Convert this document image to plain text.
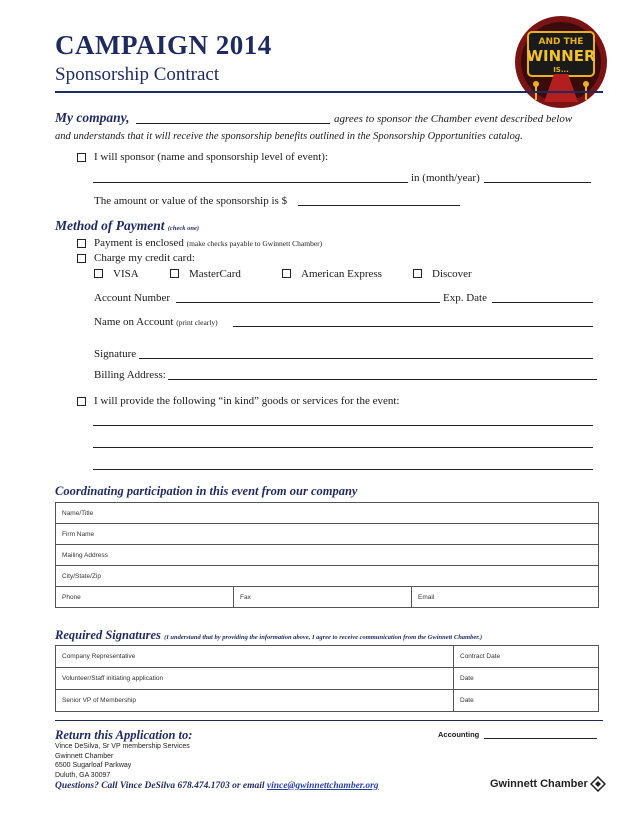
CAMPAIGN 2014
Sponsorship Contract
AND THE
WINNER
IS...
My company,	agrees to sponsor the Chamber event described below
and understands that it will receive the sponsorship benefits outlined in the Sponsorship Opportunities catalog.
I will sponsor (name and sponsorship level of event):
in (month/year)
The amount or value of the sponsorship is $
Method of Payment (check one)
Payment is enclosed (make checks payable to Gwinnett Chamber)
Charge my credit card:
VISA	MasterCard	American Express	Discover
Account Number	Exp. Date
Name on Account (print clearly)
Signature
Billing Address:
I will provide the following “in kind” goods or services for the event:
Coordinating participation in this event from our company
Name/Title
Firm Name
Mailing Address
City/State/Zip
Phone	Fax	Email
Required Signatures (I understand that by providing the information above, I agree to receive communication from the Gwinnett Chamber.)
Company Representative	Contract Date
Volunteer/Staff initiating application	Date
Senior VP of Membership	Date
Return this Application to:	Accounting
Vince DeSilva, Sr VP membership Services
Gwinnett Chamber
6500 Sugarloaf Parkway
Duluth, GA 30097
Questions? Call Vince DeSilva 678.474.1703 or email vince@gwinnettchamber.org	Gwinnett Chamber
